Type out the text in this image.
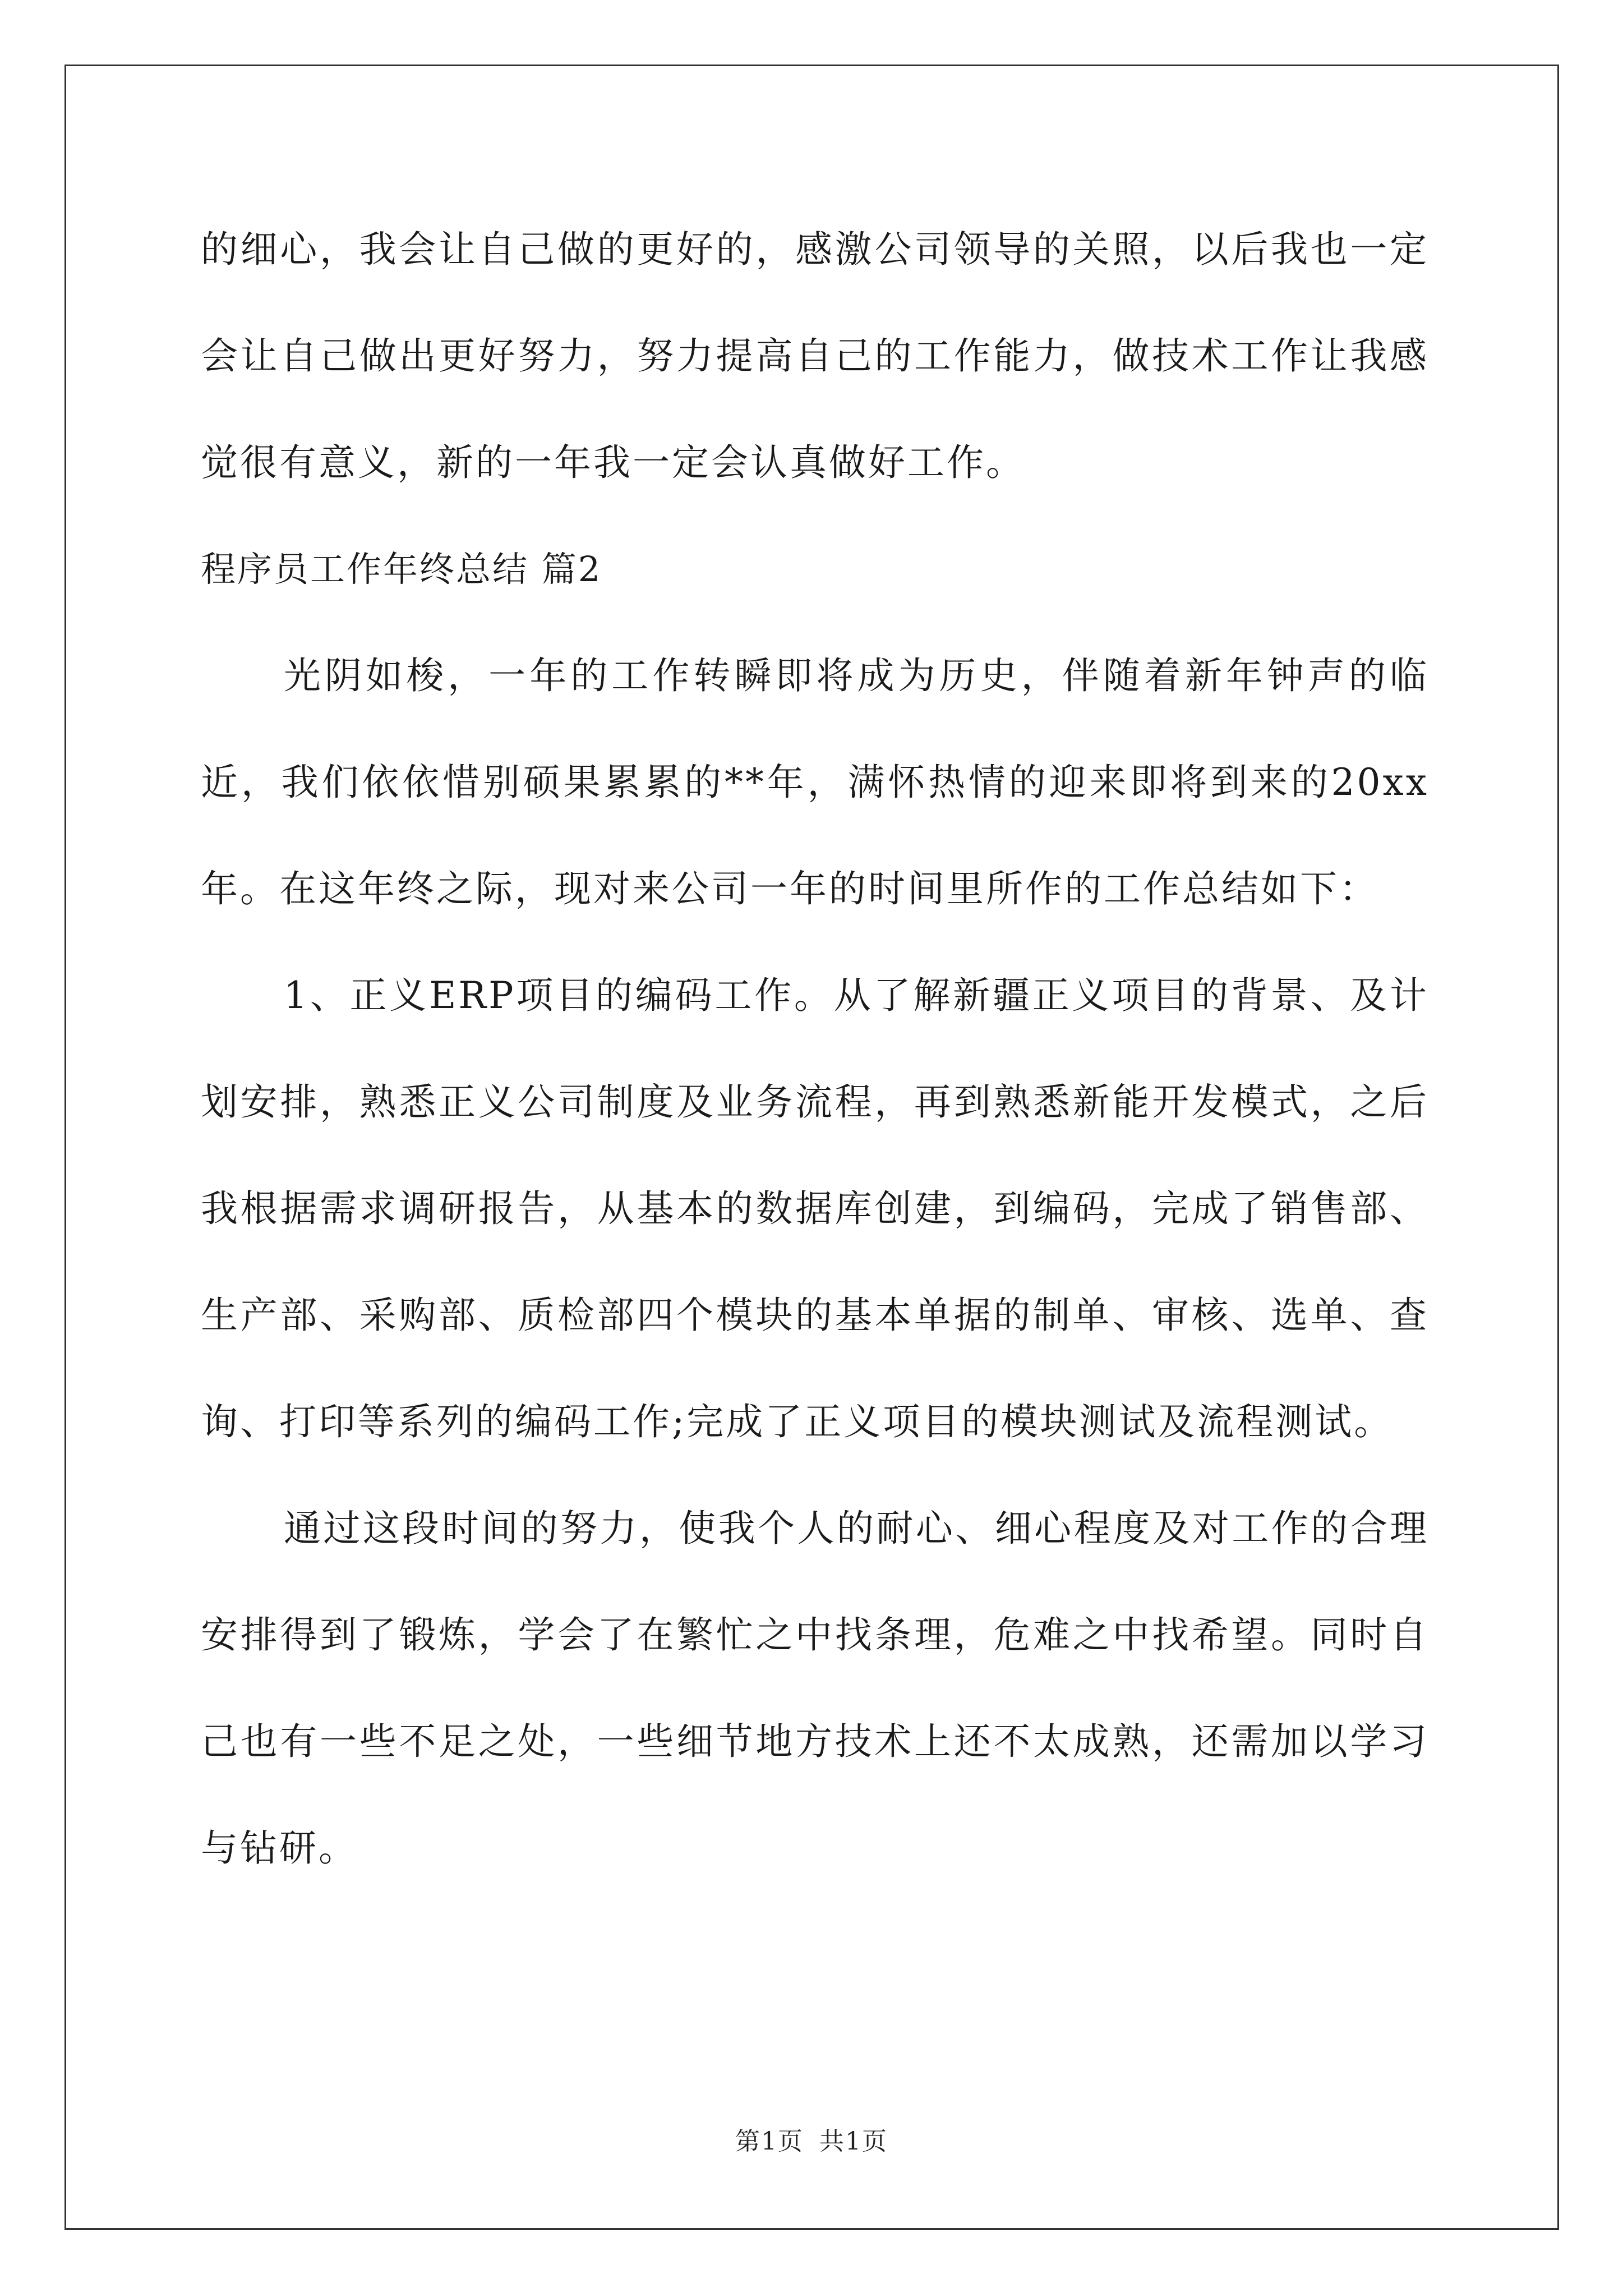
的细心，我会让自己做的更好的，感激公司领导的关照，以后我也一定会让自己做出更好努力，努力提高自己的工作能力，做技术工作让我感觉很有意义，新的一年我一定会认真做好工作。

程序员工作年终总结 篇2

光阴如梭，一年的工作转瞬即将成为历史，伴随着新年钟声的临近，我们依依惜别硕果累累的**年，满怀热情的迎来即将到来的20xx年。在这年终之际，现对来公司一年的时间里所作的工作总结如下：

1、正义ERP项目的编码工作。从了解新疆正义项目的背景、及计划安排，熟悉正义公司制度及业务流程，再到熟悉新能开发模式，之后我根据需求调研报告，从基本的数据库创建，到编码，完成了销售部、生产部、采购部、质检部四个模块的基本单据的制单、审核、选单、查询、打印等系列的编码工作;完成了正义项目的模块测试及流程测试。

通过这段时间的努力，使我个人的耐心、细心程度及对工作的合理安排得到了锻炼，学会了在繁忙之中找条理，危难之中找希望。同时自己也有一些不足之处，一些细节地方技术上还不太成熟，还需加以学习与钻研。

第1页 共1页
